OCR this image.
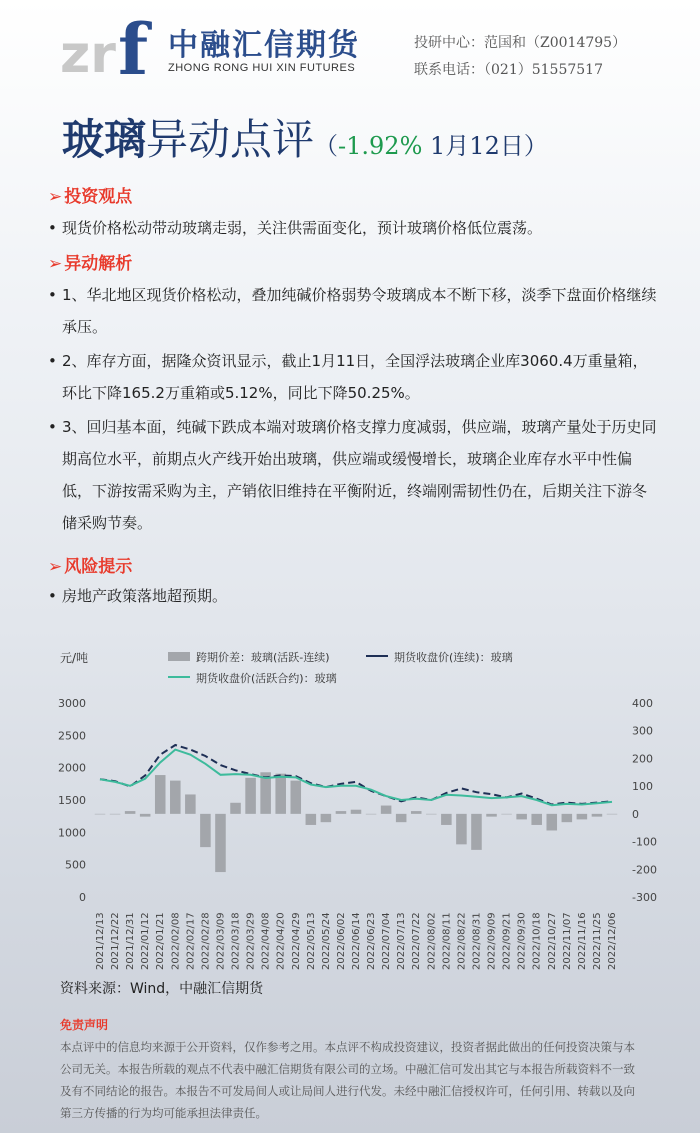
zr f 中融汇信期货
ZHONG RONG HUI XIN FUTURES
投研中心：范国和（Z0014795）
联系电话：（021）51557517
玻璃异动点评（-1.92% 1月12日）
➢ 投资观点
• 现货价格松动带动玻璃走弱，关注供需面变化，预计玻璃价格低位震荡。
➢ 异动解析
• 1、华北地区现货价格松动，叠加纯碱价格弱势令玻璃成本不断下移，淡季下盘面价格继续承压。
• 2、库存方面，据隆众资讯显示，截止1月11日，全国浮法玻璃企业库3060.4万重量箱，环比下降165.2万重箱或5.12%，同比下降50.25%。
• 3、回归基本面，纯碱下跌成本端对玻璃价格支撑力度减弱，供应端，玻璃产量处于历史同期高位水平，前期点火产线开始出玻璃，供应端或缓慢增长，玻璃企业库存水平中性偏低，下游按需采购为主，产销依旧维持在平衡附近，终端刚需韧性仍在，后期关注下游冬储采购节奏。
➢ 风险提示
• 房地产政策落地超预期。
元/吨	跨期价差：玻璃(活跃-连续)	期货收盘价(连续)：玻璃
期货收盘价(活跃合约)：玻璃
3000
2500
2000
1500
1000
500
0
400
300
200
100
0
-100
-200
-300
2021/12/13 2021/12/22 2021/12/31 2022/01/12 2022/01/21 2022/02/08 2022/02/17 2022/02/28 2022/03/09 2022/03/18 2022/03/29 2022/04/08 2022/04/20 2022/04/29 2022/05/13 2022/05/24 2022/06/02 2022/06/14 2022/06/23 2022/07/04 2022/07/13 2022/07/22 2022/08/02 2022/08/11 2022/08/22 2022/08/31 2022/09/09 2022/09/21 2022/09/30 2022/10/18 2022/10/27 2022/11/07 2022/11/16 2022/11/25 2022/12/06
资料来源：Wind，中融汇信期货
免责声明
本点评中的信息均来源于公开资料，仅作参考之用。本点评不构成投资建议，投资者据此做出的任何投资决策与本公司无关。本报告所载的观点不代表中融汇信期货有限公司的立场。中融汇信可发出其它与本报告所载资料不一致及有不同结论的报告。本报告不可发局间人或让局间人进行代发。未经中融汇信授权许可，任何引用、转载以及向第三方传播的行为均可能承担法律责任。
